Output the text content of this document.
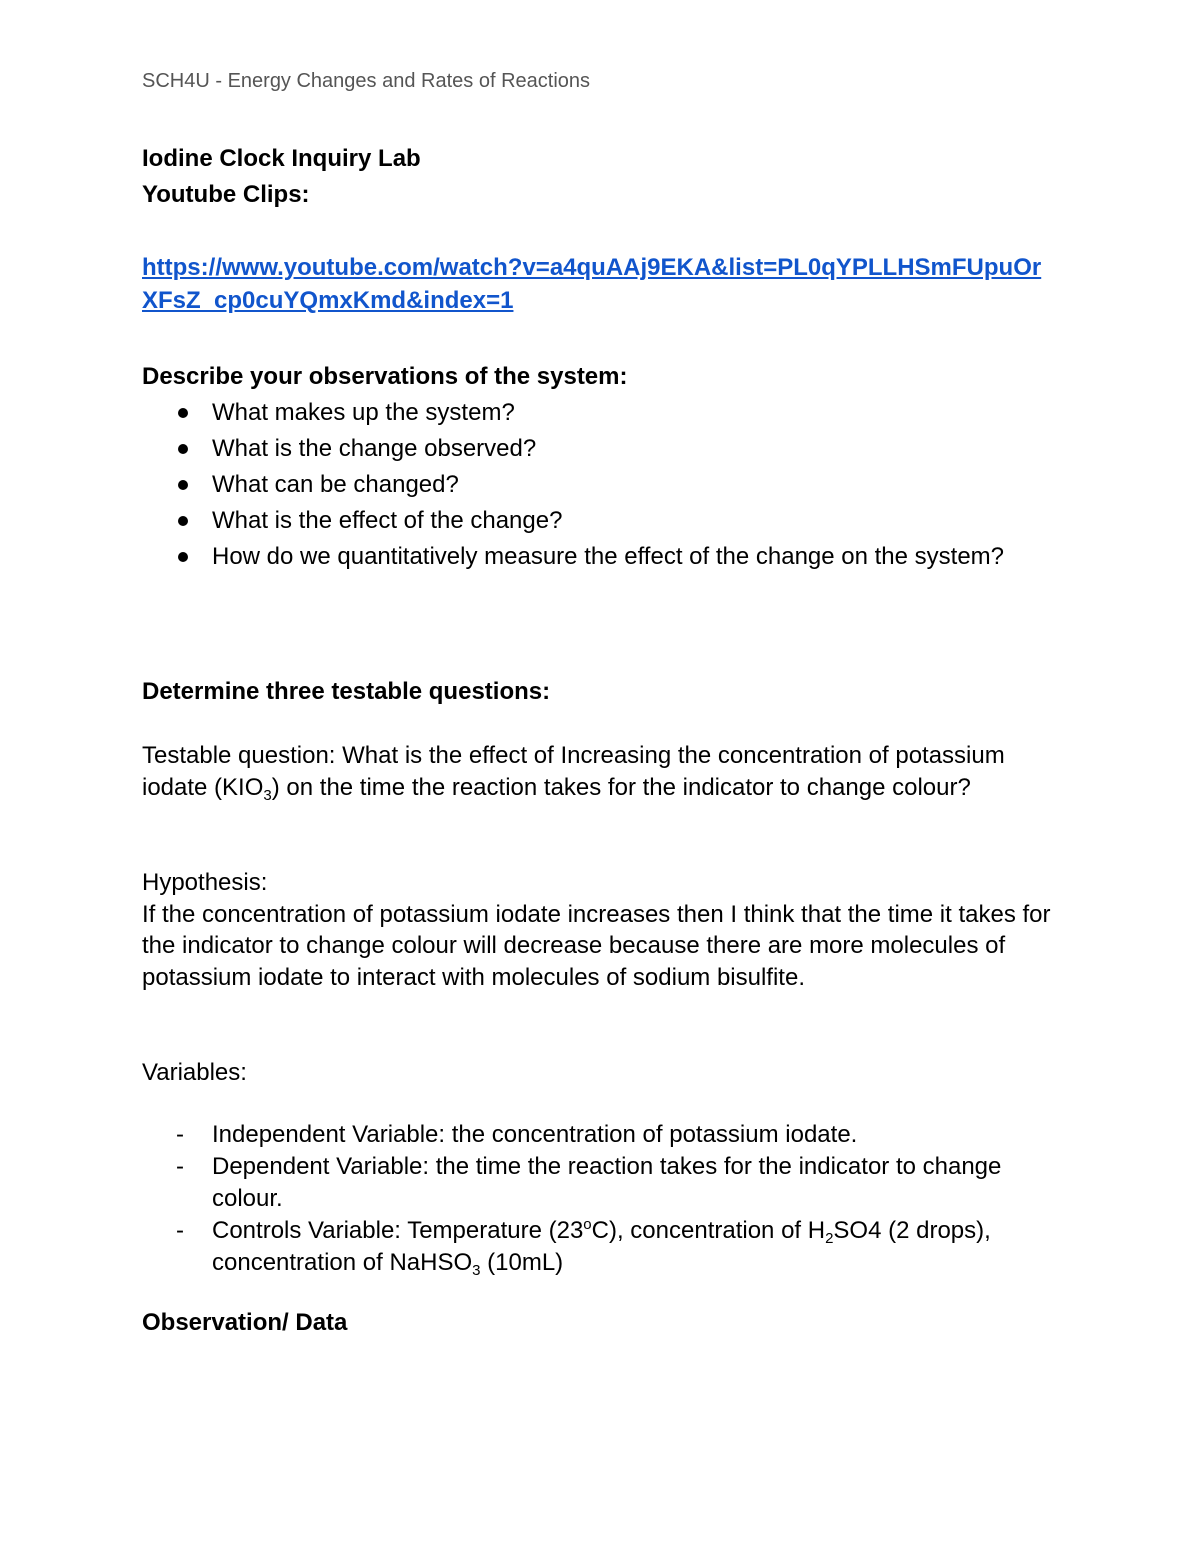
SCH4U - Energy Changes and Rates of Reactions
Iodine Clock Inquiry Lab
Youtube Clips:
https://www.youtube.com/watch?v=a4quAAj9EKA&list=PL0qYPLLHSmFUpuOrXFsZ_cp0cuYQmxKmd&index=1
Describe your observations of the system:
What makes up the system?
What is the change observed?
What can be changed?
What is the effect of the change?
How do we quantitatively measure the effect of the change on the system?
Determine three testable questions:
Testable question: What is the effect of Increasing the concentration of potassium iodate $(KIO_3)$ on the time the reaction takes for the indicator to change colour?
Hypothesis:
If the concentration of potassium iodate increases then I think that the time it takes for the indicator to change colour will decrease because there are more molecules of potassium iodate to interact with molecules of sodium bisulfite.
Variables:
- Independent Variable: the concentration of potassium iodate.
- Dependent Variable: the time the reaction takes for the indicator to change colour.
- Controls Variable: Temperature (23$^o$C), concentration of $H_2SO4$ (2 drops), concentration of NaHSO$_3$ (10mL)
Observation/ Data
